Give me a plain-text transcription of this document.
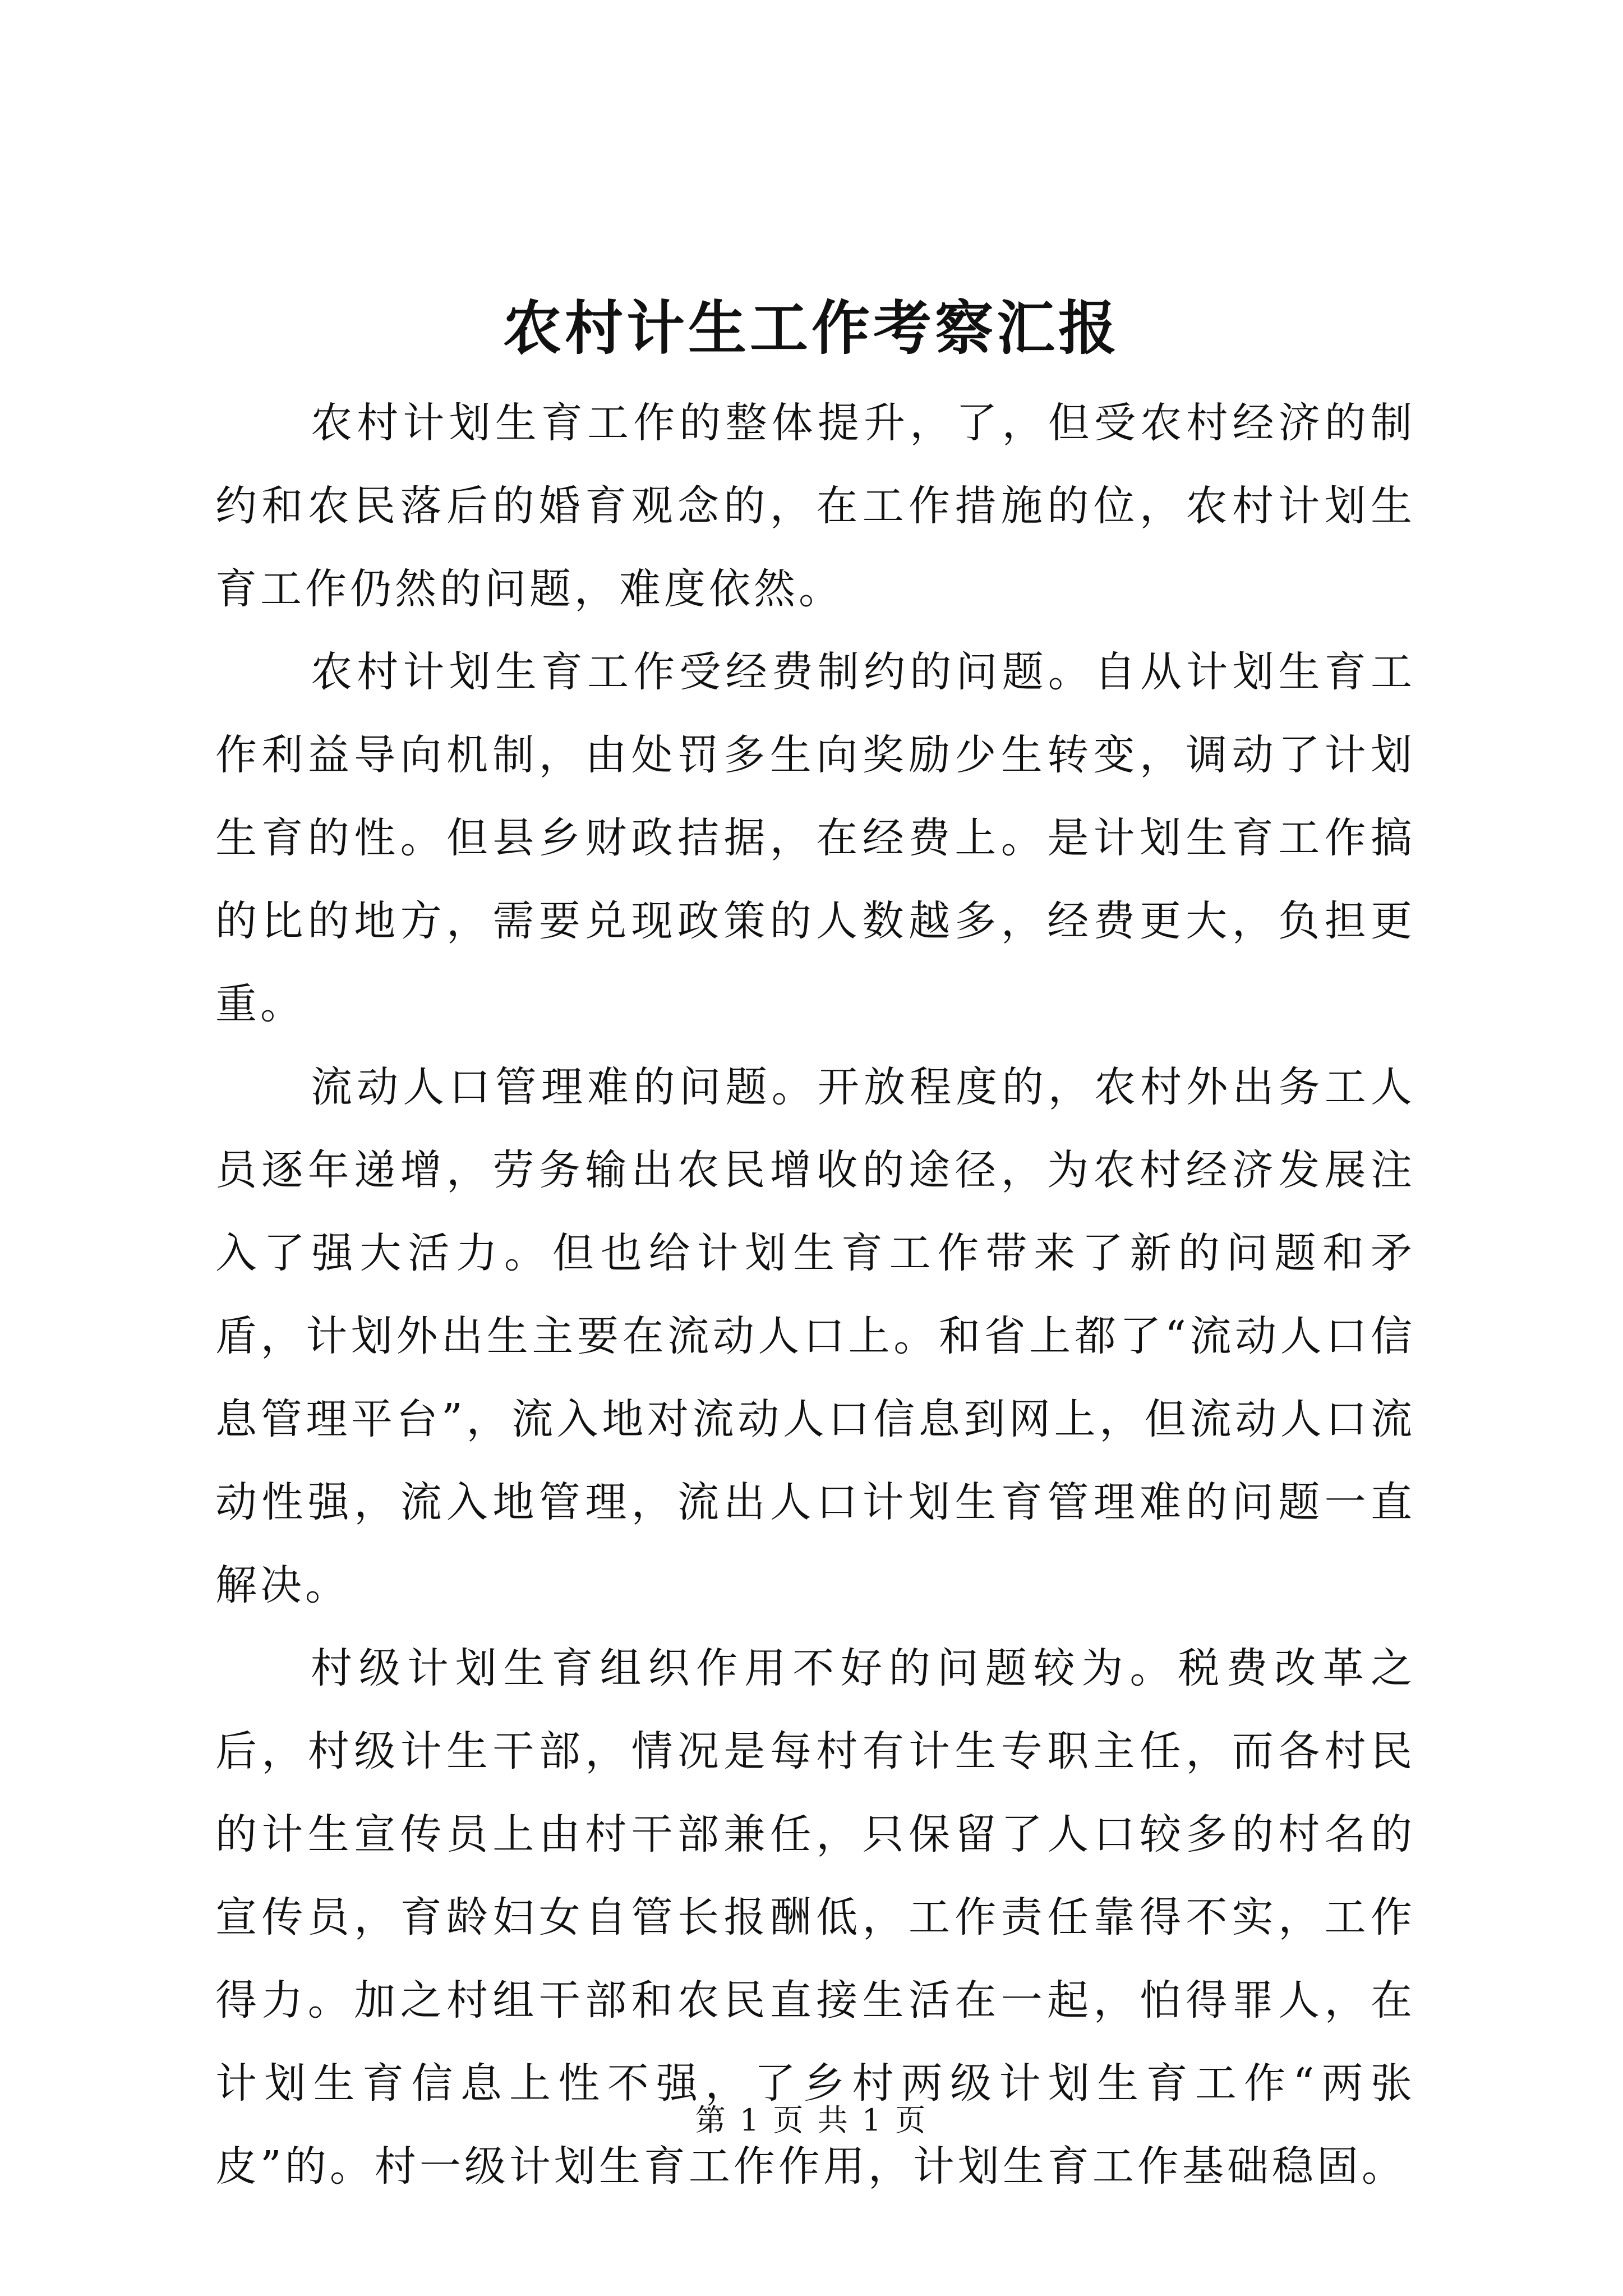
农村计生工作考察汇报

农村计划生育工作的整体提升，了，但受农村经济的制约和农民落后的婚育观念的，在工作措施的位，农村计划生育工作仍然的问题，难度依然。

农村计划生育工作受经费制约的问题。自从计划生育工作利益导向机制，由处罚多生向奖励少生转变，调动了计划生育的性。但县乡财政拮据，在经费上。是计划生育工作搞的比的地方，需要兑现政策的人数越多，经费更大，负担更重。

流动人口管理难的问题。开放程度的，农村外出务工人员逐年递增，劳务输出农民增收的途径，为农村经济发展注入了强大活力。但也给计划生育工作带来了新的问题和矛盾，计划外出生主要在流动人口上。和省上都了“流动人口信息管理平台”，流入地对流动人口信息到网上，但流动人口流动性强，流入地管理，流出人口计划生育管理难的问题一直解决。

村级计划生育组织作用不好的问题较为。税费改革之后，村级计生干部，情况是每村有计生专职主任，而各村民的计生宣传员上由村干部兼任，只保留了人口较多的村名的宣传员，育龄妇女自管长报酬低，工作责任靠得不实，工作得力。加之村组干部和农民直接生活在一起，怕得罪人，在计划生育信息上性不强，了乡村两级计划生育工作“两张皮”的。村一级计划生育工作作用，计划生育工作基础稳固。

第 1 页 共 1 页
